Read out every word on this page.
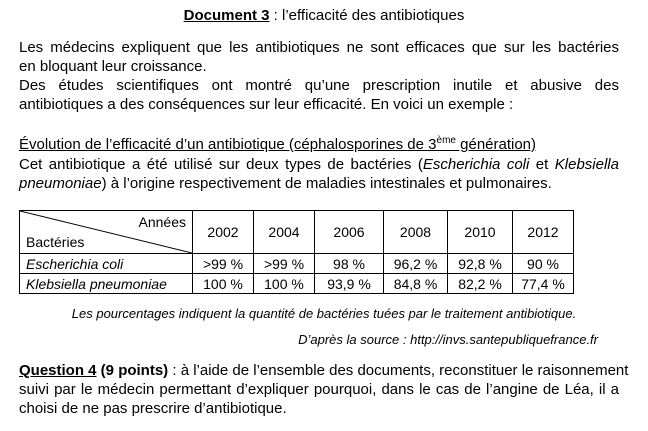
Document 3 : l’efficacité des antibiotiques
Les médecins expliquent que les antibiotiques ne sont efficaces que sur les bactéries
en bloquant leur croissance.
Des études scientifiques ont montré qu’une prescription inutile et abusive des
antibiotiques a des conséquences sur leur efficacité. En voici un exemple :
Évolution de l’efficacité d’un antibiotique (céphalosporines de 3ème génération)
Cet antibiotique a été utilisé sur deux types de bactéries (Escherichia coli et Klebsiella
pneumoniae) à l’origine respectivement de maladies intestinales et pulmonaires.
Années
Bactéries	2002	2004	2006	2008	2010	2012
Escherichia coli	>99 %	>99 %	98 %	96,2 %	92,8 %	90 %
Klebsiella pneumoniae	100 %	100 %	93,9 %	84,8 %	82,2 %	77,4 %
Les pourcentages indiquent la quantité de bactéries tuées par le traitement antibiotique.
D’après la source : http://invs.santepubliquefrance.fr
Question 4 (9 points) : à l’aide de l’ensemble des documents, reconstituer le raisonnement
suivi par le médecin permettant d’expliquer pourquoi, dans le cas de l’angine de Léa, il a
choisi de ne pas prescrire d’antibiotique.
